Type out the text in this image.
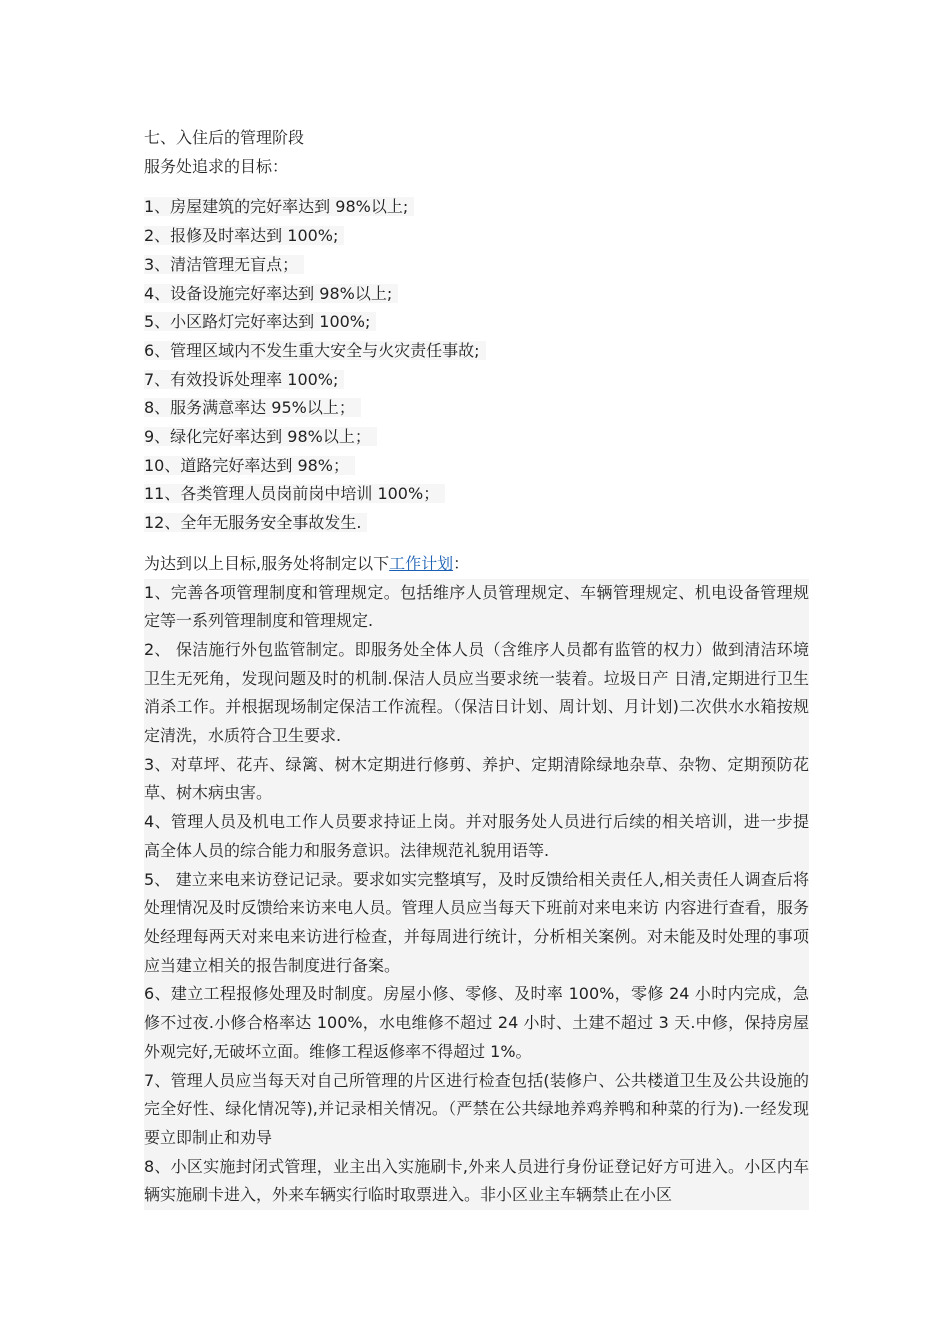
七、入住后的管理阶段
服务处追求的目标：
1、房屋建筑的完好率达到 98%以上;
2、报修及时率达到 100%;
3、清洁管理无盲点；
4、设备设施完好率达到 98%以上;
5、小区路灯完好率达到 100%;
6、管理区域内不发生重大安全与火灾责任事故;
7、有效投诉处理率 100%;
8、服务满意率达 95%以上；
9、绿化完好率达到 98%以上；
10、道路完好率达到 98%；
11、各类管理人员岗前岗中培训 100%；
12、全年无服务安全事故发生.
为达到以上目标,服务处将制定以下工作计划：
1、完善各项管理制度和管理规定。包括维序人员管理规定、车辆管理规定、机电设备管理规定等一系列管理制度和管理规定.
2、 保洁施行外包监管制定。即服务处全体人员（含维序人员都有监管的权力）做到清洁环境卫生无死角，发现问题及时的机制.保洁人员应当要求统一装着。垃圾日产 日清,定期进行卫生消杀工作。并根据现场制定保洁工作流程。（保洁日计划、周计划、月计划)二次供水水箱按规定清洗，水质符合卫生要求.
3、对草坪、花卉、绿篱、树木定期进行修剪、养护、定期清除绿地杂草、杂物、定期预防花草、树木病虫害。
4、管理人员及机电工作人员要求持证上岗。并对服务处人员进行后续的相关培训，进一步提高全体人员的综合能力和服务意识。法律规范礼貌用语等.
5、 建立来电来访登记记录。要求如实完整填写，及时反馈给相关责任人,相关责任人调查后将处理情况及时反馈给来访来电人员。管理人员应当每天下班前对来电来访 内容进行查看，服务处经理每两天对来电来访进行检查，并每周进行统计，分析相关案例。对未能及时处理的事项应当建立相关的报告制度进行备案。
6、建立工程报修处理及时制度。房屋小修、零修、及时率 100%，零修 24 小时内完成，急修不过夜.小修合格率达 100%，水电维修不超过 24 小时、土建不超过 3 天.中修，保持房屋外观完好,无破坏立面。维修工程返修率不得超过 1%。
7、管理人员应当每天对自己所管理的片区进行检查包括(装修户、公共楼道卫生及公共设施的完全好性、绿化情况等),并记录相关情况。（严禁在公共绿地养鸡养鸭和种菜的行为).一经发现要立即制止和劝导
8、小区实施封闭式管理，业主出入实施刷卡,外来人员进行身份证登记好方可进入。小区内车辆实施刷卡进入，外来车辆实行临时取票进入。非小区业主车辆禁止在小区
